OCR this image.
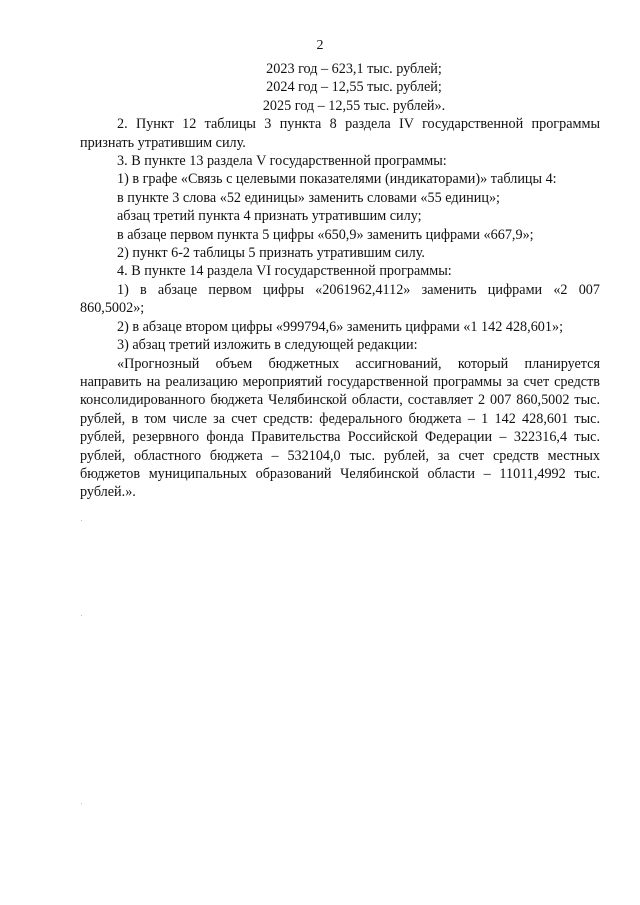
2
2023 год – 623,1 тыс. рублей;
2024 год – 12,55 тыс. рублей;
2025 год – 12,55 тыс. рублей».
2. Пункт 12 таблицы 3 пункта 8 раздела IV государственной программы признать утратившим силу.
3. В пункте 13 раздела V государственной программы:
1) в графе «Связь с целевыми показателями (индикаторами)» таблицы 4:
в пункте 3 слова «52 единицы» заменить словами «55 единиц»;
абзац третий пункта 4 признать утратившим силу;
в абзаце первом пункта 5 цифры «650,9» заменить цифрами «667,9»;
2) пункт 6-2 таблицы 5 признать утратившим силу.
4. В пункте 14 раздела VI государственной программы:
1) в абзаце первом цифры «2061962,4112» заменить цифрами «2 007 860,5002»;
2) в абзаце втором цифры «999794,6» заменить цифрами «1 142 428,601»;
3) абзац третий изложить в следующей редакции:
«Прогнозный объем бюджетных ассигнований, который планируется направить на реализацию мероприятий государственной программы за счет средств консолидированного бюджета Челябинской области, составляет 2 007 860,5002 тыс. рублей, в том числе за счет средств: федерального бюджета – 1 142 428,601 тыс. рублей, резервного фонда Правительства Российской Федерации – 322316,4 тыс. рублей, областного бюджета – 532104,0 тыс. рублей, за счет средств местных бюджетов муниципальных образований Челябинской области – 11011,4992 тыс. рублей.».
